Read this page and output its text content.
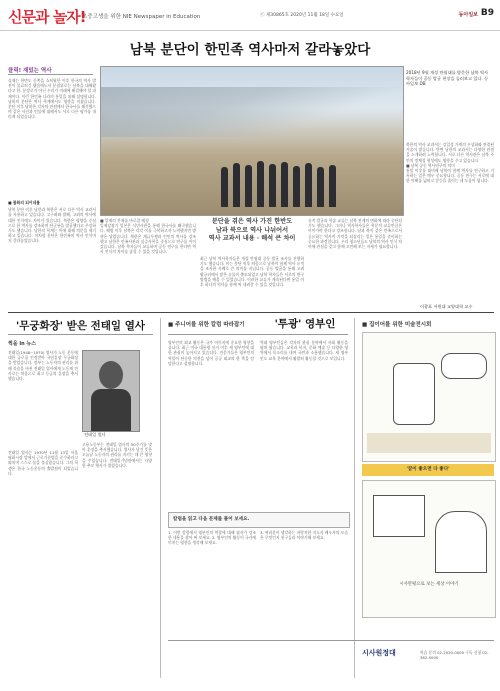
신문과 놀자!
초중고생을 위한 NIE Newspaper in Education	ⓒ 제30865호 2020년 11월 18일 수요일	동아일보 B9
남북 분단이 한민족 역사마저 갈라놓았다
클릭! 재밌는 역사

실제는 한반도 동쪽을 쇼히윗한 이후 한국의 역사 발전이 불료히긴 했음에도서 분첩위로는 남북을 대해왔다고 한. 분장로가 아닌 우리가 미래에 해결해야 할 과제이다. 이런 한민족 나라의 통일을 위해 설명합니다. 남북의 분단은 역사 학계에서도 영향을 미쳤습니다. 분단 이후 남북은 각자의 관점에서 한국사를 해석했으며 같은 사건과 인물에 대해서도 서로 다른 평가를 내리게 되었습니다.

■ 불화의 되어네를

남북 분단 이후 남한과 북한은 서로 다른 역사 교과서를 사용하고 있습니다. 고구려와 발해, 고려의 역사에 대한 인식에도 차이가 있습니다. 북한은 평양을 중심으로 한 역사를 강조하며 단군릉을 발굴했다고 주장하기도 했습니다. 남한의 학계는 이에 대해 의문을 제기하고 있습니다. 이처럼 분단은 한민족의 역사 인식마저 갈라놓았습니다.

2018년 9월 개성 만월대를 방문한 남북 역사학자들이 공동 발굴 현장을 둘러보고 있다. 동아일보 DB

북한의 역사 교과서는 김일성 가계의 우상화와 연결된 서술이 많습니다. 반면 남한의 교과서는 다양한 관점을 소개하려 노력합니다. 서로 다른 역사관은 남북 주민의 정체성 형성에도 영향을 주고 있습니다.
■ 남북 공동 역사연구의 의미
통일 이후를 대비해 남북이 함께 역사를 연구하고 기록하는 일은 매우 중요합니다. 공동 연구는 서로에 대한 이해를 넓히고 갈등을 줄이는 데 도움이 됩니다.

■ 일제의 잔재를 바로잡 배경
일제강점기 일본은 식민사관을 통해 한국사를 왜곡했습니다. 해방 이후 남북은 각각 이를 극복하고자 노력했지만 방향은 달랐습니다. 북한은 계급투쟁과 인민의 역사를 강조했고 남한은 민족사관과 실증사학을 중심으로 연구를 이어갔습니다. 남북 학자들이 교류하며 공동 연구를 한다면 역사 인식의 차이를 좁힐 수 있을 것입니다.

분단을 겪은 역사 가진 한반도
남과 북으로 역사 나뉘어서
역사 교과서 내용 · 해석 큰 차이

최근 남북 역사학자들은 개성 만월대 공동 발굴 조사를 진행하기도 했습니다. 이는 분단 이후 처음으로 남북이 함께 역사 유적을 조사한 사례로 큰 의미를 지닙니다. 공동 발굴을 통해 고려 왕궁터에서 많은 유물이 출토되었고 남북 학자들은 서로의 연구 방법을 배울 수 있었습니다. 이러한 교류가 계속된다면 통일 이후 하나의 역사를 함께 써 내려갈 수 있을 것입니다.

유적 발굴과 학술 교류는 남북 관계의 변화에 따라 중단되기도 했습니다. 그러나 역사학자들은 학문적 교류만큼은 이어가야 한다고 강조합니다. 남과 북이 같은 민족으로서 공유하는 역사적 기억을 되살리는 일은 통일을 준비하는 중요한 과정입니다. 우리 청소년들도 남북의 역사 인식 차이에 관심을 갖고 함께 고민해 보는 자세가 필요합니다.

이광표 서원대 교양대학 교수
'무궁화장' 받은 전태일 열사
찍을 in 뉴스

전태일(1948~1970) 열사가 노동 운동에 대한 공로를 인정받아 국민훈장 무궁화장을 받았습니다. 정부는 노동자의 권리를 위해 목숨을 바친 전태일 열사에게 노동계 인사로는 처음으로 최고 등급의 훈장을 추서했습니다.

전태일 열사

전태일 열사는 1970년 11월 13일 서울 평화시장 앞에서 근로기준법을 준수하라고 외치며 스스로 몸을 불살랐습니다. 그의 희생은 한국 노동운동의 출발점이 되었습니다.

고용노동부는 전태일 열사의 50주기를 맞아 훈장을 추서했습니다. 열사가 남긴 뜻은 오늘날 노동자의 권리를 지키는 데 큰 영향을 주었습니다. 전태일기념관에서는 다양한 추모 행사가 열렸습니다.

■ 주니어를 위한 칼럼 따라잡기	'투광' 영부인

영부인의 외교 활동은 국가 이미지에 중요한 영향을 줍니다. 최근 미국 대통령 선거 이후 새 영부인에 대한 관심이 높아지고 있습니다. 전문가들은 영부인의 역할이 단순한 의전을 넘어 공공 외교의 한 축을 담당한다고 설명합니다.

역대 영부인들은 각자의 관심 분야에서 사회 활동을 펼쳐 왔습니다. 교육과 복지, 문화 예술 등 다양한 영역에서 목소리를 내며 국민과 소통했습니다. 새 영부인도 교육 분야에서 활발히 활동할 것으로 보입니다.

칼럼을 읽고 다음 문제를 풀어 보세요.

1. 이번 칼럼에서 영부인의 역할에 대해 필자가 강조한 내용을 찾아 써 보세요. 2. 영부인의 활동이 국가에 미치는 영향을 생각해 보세요.

3. 여러분이 생각하는 바람직한 지도자 배우자의 모습은 무엇인지 친구들과 이야기해 보세요.

■ 집이어를 위한 미술전시회
'끝이 좋으면 다 좋다'
시사만평으로 보는 세상 이야기
시사원정대	학습 문의 02-2020-0000 구독 신청 02-362-5000
